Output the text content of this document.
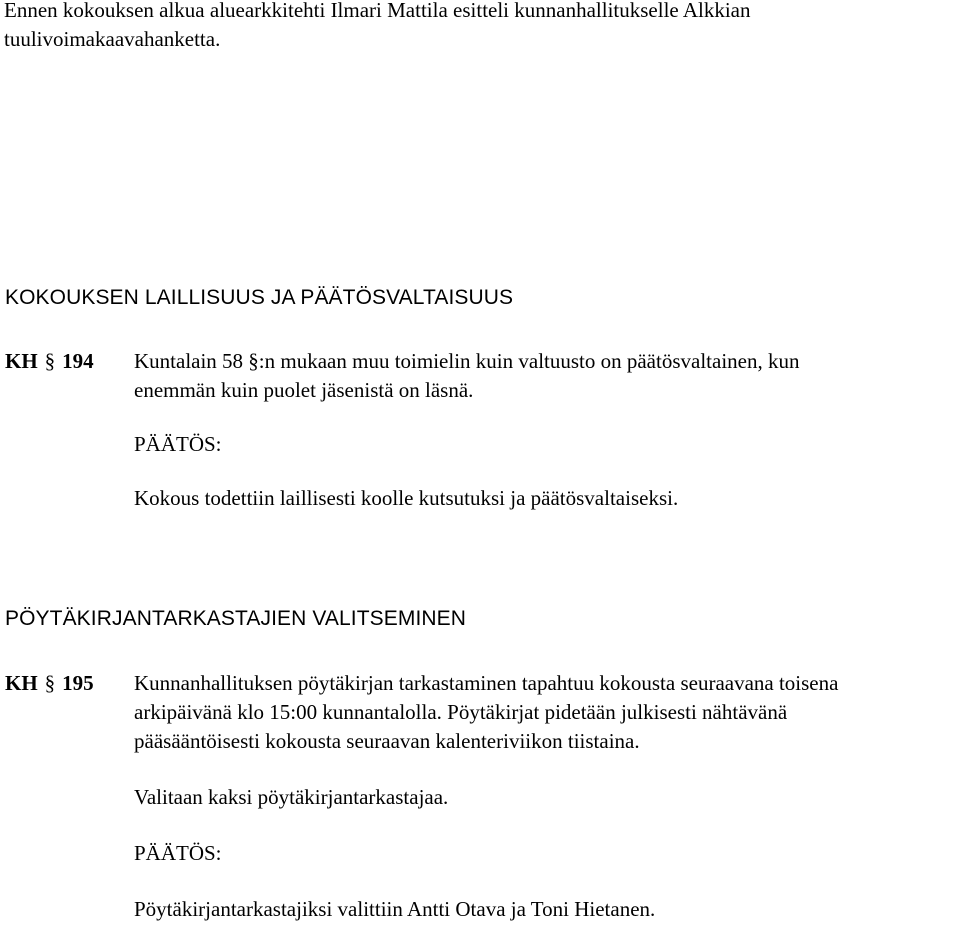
Ennen kokouksen alkua aluearkkitehti Ilmari Mattila esitteli kunnanhallitukselle Alkkian
tuulivoimakaavahanketta.
KOKOUKSEN LAILLISUUS JA PÄÄTÖSVALTAISUUS
KH § 194	Kuntalain 58 §:n mukaan muu toimielin kuin valtuusto on päätösvaltainen, kun
enemmän kuin puolet jäsenistä on läsnä.
PÄÄTÖS:
Kokous todettiin laillisesti koolle kutsutuksi ja päätösvaltaiseksi.
PÖYTÄKIRJANTARKASTAJIEN VALITSEMINEN
KH § 195	Kunnanhallituksen pöytäkirjan tarkastaminen tapahtuu kokousta seuraavana toisena
arkipäivänä klo 15:00 kunnantalolla. Pöytäkirjat pidetään julkisesti nähtävänä
pääsääntöisesti kokousta seuraavan kalenteriviikon tiistaina.
Valitaan kaksi pöytäkirjantarkastajaa.
PÄÄTÖS:
Pöytäkirjantarkastajiksi valittiin Antti Otava ja Toni Hietanen.
